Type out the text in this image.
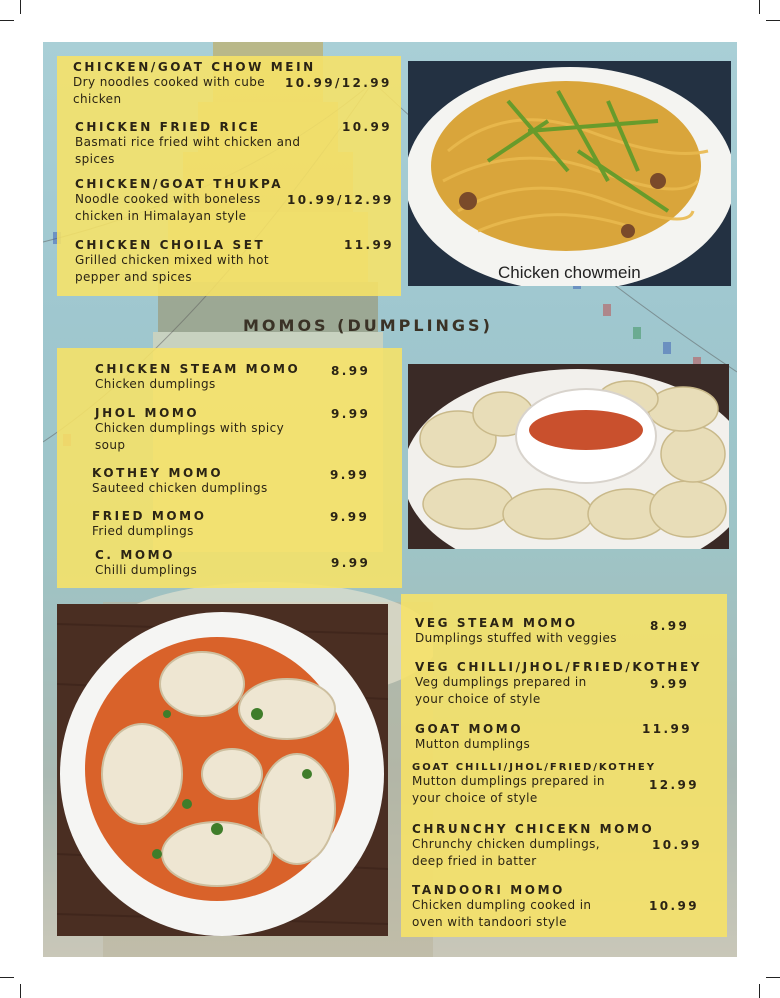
CHICKEN/GOAT CHOW MEIN
Dry noodles cooked with cube chicken
10.99/12.99
CHICKEN FRIED RICE
Basmati rice fried wiht chicken and spices
10.99
CHICKEN/GOAT THUKPA
Noodle cooked with boneless chicken in Himalayan style
10.99/12.99
CHICKEN CHOILA SET
Grilled chicken mixed with hot pepper and spices
11.99
Chicken chowmein
MOMOS (DUMPLINGS)
CHICKEN STEAM MOMO
Chicken dumplings
8.99
JHOL MOMO
Chicken dumplings with spicy soup
9.99
KOTHEY MOMO
Sauteed chicken dumplings
9.99
FRIED MOMO
Fried dumplings
9.99
C. MOMO
Chilli dumplings	9.99
VEG STEAM MOMO
Dumplings stuffed with veggies
8.99
VEG CHILLI/JHOL/FRIED/KOTHEY
Veg dumplings prepared in your choice of style
9.99
GOAT MOMO
Mutton dumplings
11.99
GOAT CHILLI/JHOL/FRIED/KOTHEY
Mutton dumplings prepared in your choice of style
12.99
CHRUNCHY CHICEKN MOMO
Chrunchy chicken dumplings, deep fried in batter
10.99
TANDOORI MOMO
Chicken dumpling cooked in oven with tandoori style
10.99
